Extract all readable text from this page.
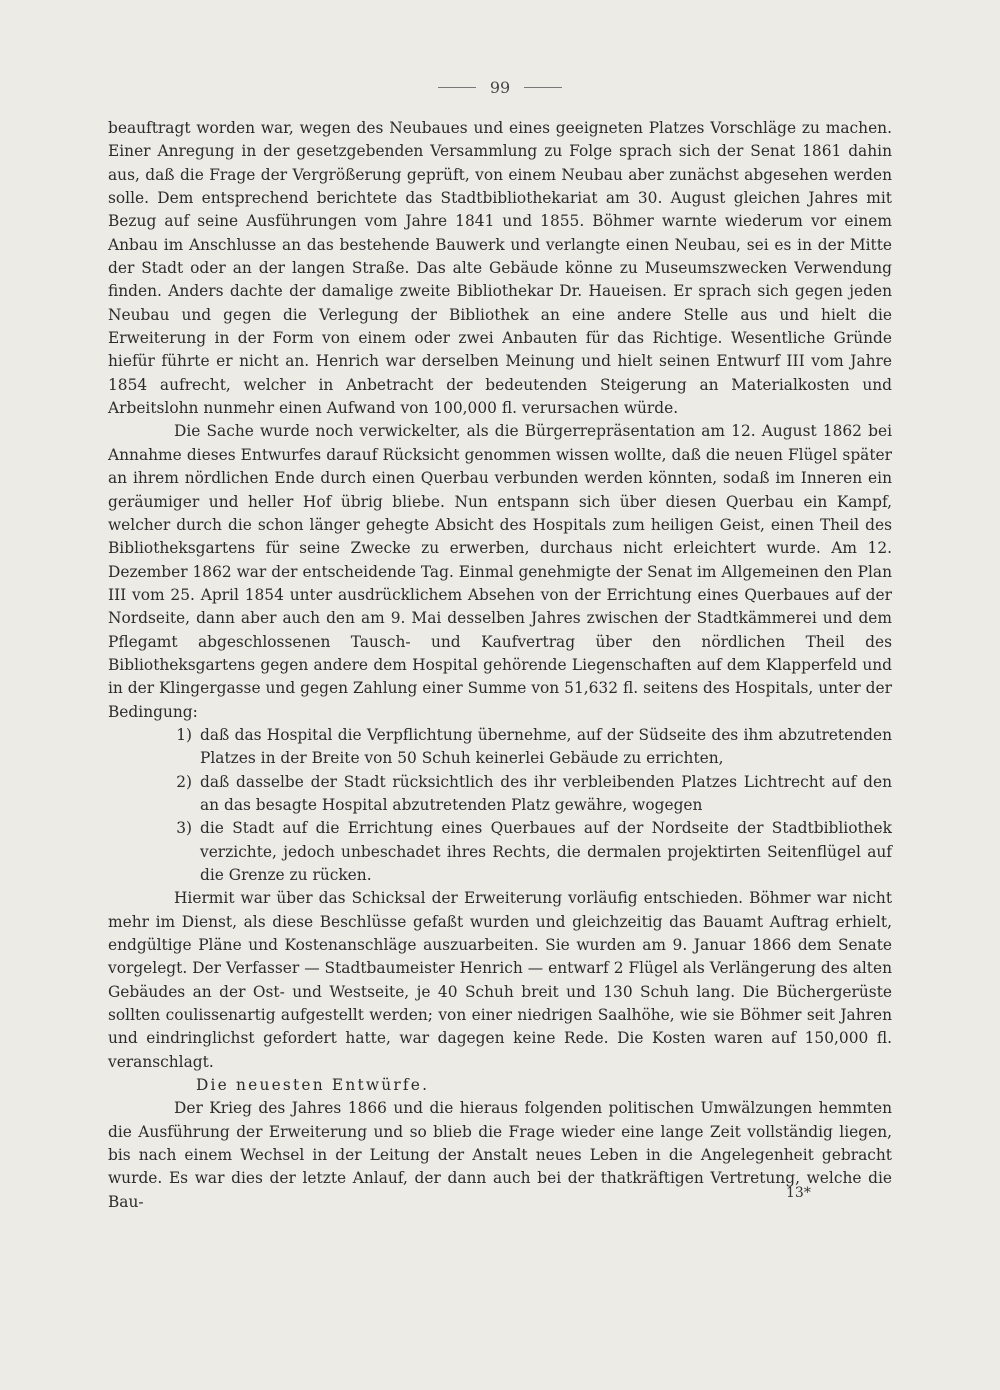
99

beauftragt worden war, wegen des Neubaues und eines geeigneten Platzes Vorschläge zu machen. Einer Anregung in der gesetzgebenden Versammlung zu Folge sprach sich der Senat 1861 dahin aus, daß die Frage der Vergrößerung geprüft, von einem Neubau aber zunächst abgesehen werden solle. Dem entsprechend berichtete das Stadtbibliothekariat am 30. August gleichen Jahres mit Bezug auf seine Ausführungen vom Jahre 1841 und 1855. Böhmer warnte wiederum vor einem Anbau im Anschlusse an das bestehende Bauwerk und verlangte einen Neubau, sei es in der Mitte der Stadt oder an der langen Straße. Das alte Gebäude könne zu Museumszwecken Verwendung finden. Anders dachte der damalige zweite Bibliothekar Dr. Haueisen. Er sprach sich gegen jeden Neubau und gegen die Verlegung der Bibliothek an eine andere Stelle aus und hielt die Erweiterung in der Form von einem oder zwei Anbauten für das Richtige. Wesentliche Gründe hiefür führte er nicht an. Henrich war derselben Meinung und hielt seinen Entwurf III vom Jahre 1854 aufrecht, welcher in Anbetracht der bedeutenden Steigerung an Materialkosten und Arbeitslohn nunmehr einen Aufwand von 100,000 fl. verursachen würde.

Die Sache wurde noch verwickelter, als die Bürgerrepräsentation am 12. August 1862 bei Annahme dieses Entwurfes darauf Rücksicht genommen wissen wollte, daß die neuen Flügel später an ihrem nördlichen Ende durch einen Querbau verbunden werden könnten, sodaß im Inneren ein geräumiger und heller Hof übrig bliebe. Nun entspann sich über diesen Querbau ein Kampf, welcher durch die schon länger gehegte Absicht des Hospitals zum heiligen Geist, einen Theil des Bibliotheksgartens für seine Zwecke zu erwerben, durchaus nicht erleichtert wurde. Am 12. Dezember 1862 war der entscheidende Tag. Einmal genehmigte der Senat im Allgemeinen den Plan III vom 25. April 1854 unter ausdrücklichem Absehen von der Errichtung eines Querbaues auf der Nordseite, dann aber auch den am 9. Mai desselben Jahres zwischen der Stadtkämmerei und dem Pflegamt abgeschlossenen Tausch- und Kaufvertrag über den nördlichen Theil des Bibliotheksgartens gegen andere dem Hospital gehörende Liegenschaften auf dem Klapperfeld und in der Klingergasse und gegen Zahlung einer Summe von 51,632 fl. seitens des Hospitals, unter der Bedingung:

1) daß das Hospital die Verpflichtung übernehme, auf der Südseite des ihm abzutretenden Platzes in der Breite von 50 Schuh keinerlei Gebäude zu errichten,
2) daß dasselbe der Stadt rücksichtlich des ihr verbleibenden Platzes Lichtrecht auf den an das besagte Hospital abzutretenden Platz gewähre, wogegen
3) die Stadt auf die Errichtung eines Querbaues auf der Nordseite der Stadtbibliothek verzichte, jedoch unbeschadet ihres Rechts, die dermalen projektirten Seitenflügel auf die Grenze zu rücken.

Hiermit war über das Schicksal der Erweiterung vorläufig entschieden. Böhmer war nicht mehr im Dienst, als diese Beschlüsse gefaßt wurden und gleichzeitig das Bauamt Auftrag erhielt, endgültige Pläne und Kostenanschläge auszuarbeiten. Sie wurden am 9. Januar 1866 dem Senate vorgelegt. Der Verfasser — Stadtbaumeister Henrich — entwarf 2 Flügel als Verlängerung des alten Gebäudes an der Ost- und Westseite, je 40 Schuh breit und 130 Schuh lang. Die Büchergerüste sollten coulissenartig aufgestellt werden; von einer niedrigen Saalhöhe, wie sie Böhmer seit Jahren und eindringlichst gefordert hatte, war dagegen keine Rede. Die Kosten waren auf 150,000 fl. veranschlagt.

Die neuesten Entwürfe.

Der Krieg des Jahres 1866 und die hieraus folgenden politischen Umwälzungen hemmten die Ausführung der Erweiterung und so blieb die Frage wieder eine lange Zeit vollständig liegen, bis nach einem Wechsel in der Leitung der Anstalt neues Leben in die Angelegenheit gebracht wurde. Es war dies der letzte Anlauf, der dann auch bei der thatkräftigen Vertretung, welche die Bau-	13*
